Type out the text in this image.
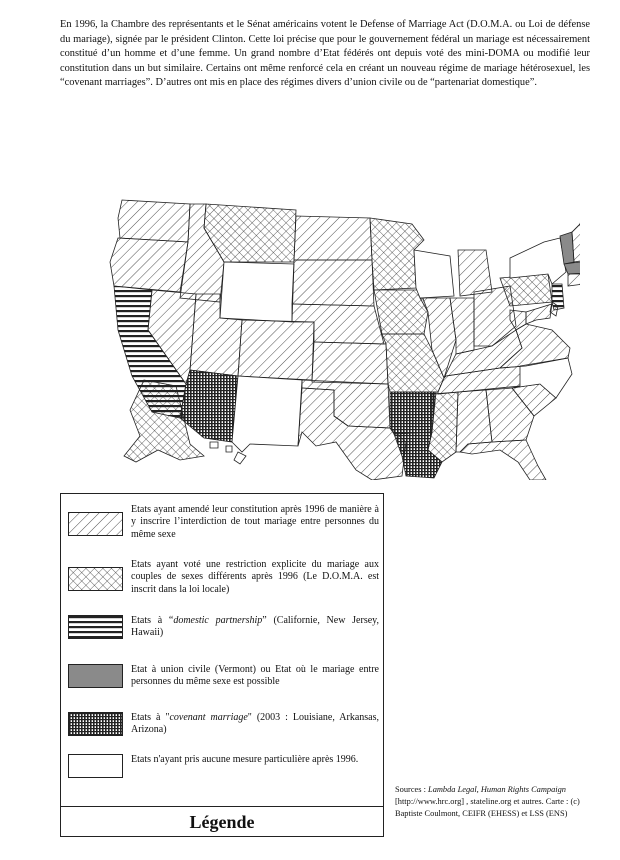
En 1996, la Chambre des représentants et le Sénat américains votent le Defense of Marriage Act (D.O.M.A. ou Loi de défense du mariage), signée par le président Clinton. Cette loi précise que pour le gouvernement fédéral un mariage est nécessairement constitué d’un homme et d’une femme. Un grand nombre d’Etat fédérés ont depuis voté des mini-DOMA ou modifié leur constitution dans un but similaire. Certains ont même renforcé cela en créant un nouveau régime de mariage hétérosexuel, les “covenant marriages”. D’autres ont mis en place des régimes divers d’union civile ou de “partenariat domestique”.

Etats ayant amendé leur constitution après 1996 de manière à y inscrire l’interdiction de tout mariage entre personnes du même sexe
Etats ayant voté une restriction explicite du mariage aux couples de sexes différents après 1996 (Le D.O.M.A. est inscrit dans la loi locale)
Etats à “domestic partnership” (Californie, New Jersey, Hawaii)
Etat à union civile (Vermont) ou Etat où le mariage entre personnes du même sexe est possible
Etats à "covenant marriage" (2003 : Louisiane, Arkansas, Arizona)
Etats n'ayant pris aucune mesure particulière après 1996.
Légende

Sources : Lambda Legal, Human Rights Campaign [http://www.hrc.org] , stateline.org et autres. Carte : (c) Baptiste Coulmont, CEIFR (EHESS) et LSS (ENS)
